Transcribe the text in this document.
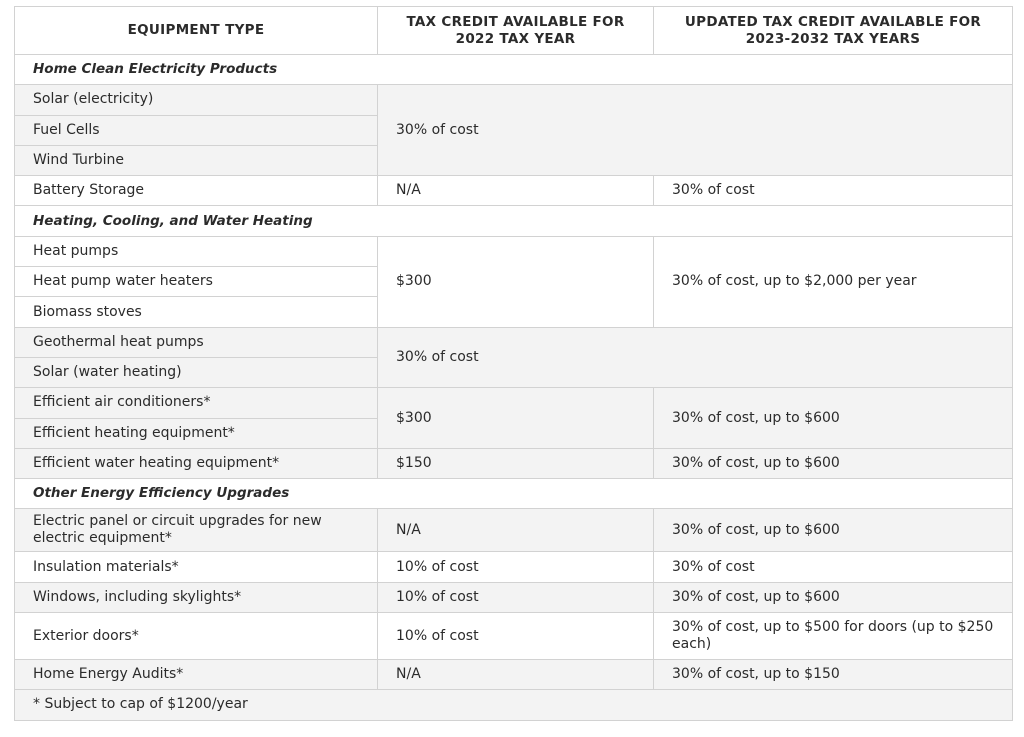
EQUIPMENT TYPE	TAX CREDIT AVAILABLE FOR 2022 TAX YEAR	UPDATED TAX CREDIT AVAILABLE FOR 2023-2032 TAX YEARS
Home Clean Electricity Products		
Solar (electricity)	30% of cost	
Fuel Cells		
Wind Turbine		
Battery Storage	N/A	30% of cost
Heating, Cooling, and Water Heating		
Heat pumps	$300	30% of cost, up to $2,000 per year
Heat pump water heaters		
Biomass stoves		
Geothermal heat pumps	30% of cost	
Solar (water heating)		
Efficient air conditioners*	$300	30% of cost, up to $600
Efficient heating equipment*		
Efficient water heating equipment*	$150	30% of cost, up to $600
Other Energy Efficiency Upgrades		
Electric panel or circuit upgrades for new electric equipment*	N/A	30% of cost, up to $600
Insulation materials*	10% of cost	30% of cost
Windows, including skylights*	10% of cost	30% of cost, up to $600
Exterior doors*	10% of cost	30% of cost, up to $500 for doors (up to $250 each)
Home Energy Audits*	N/A	30% of cost, up to $150
* Subject to cap of $1200/year		
